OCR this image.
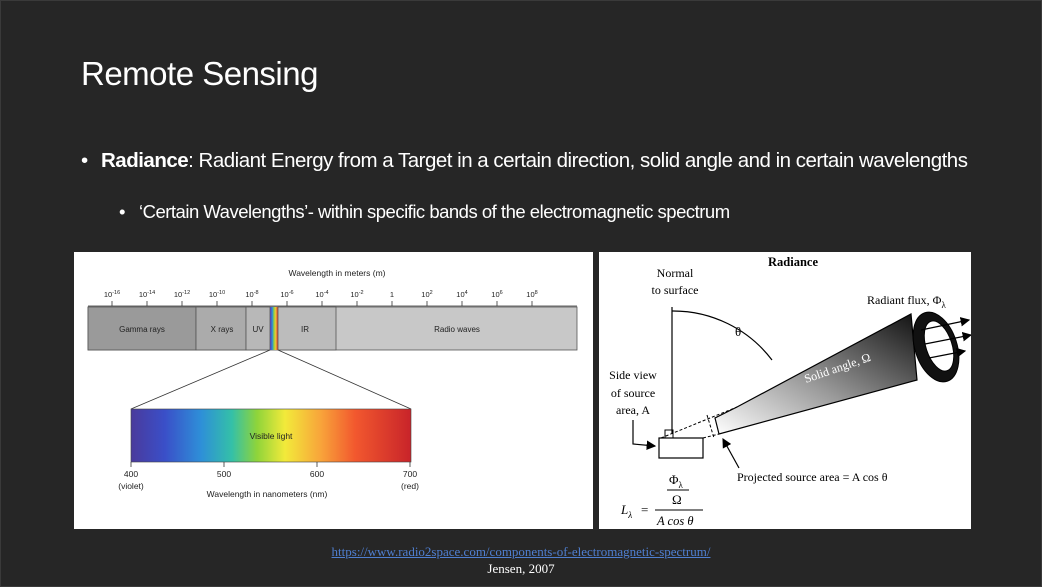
Remote Sensing
• Radiance: Radiant Energy from a Target in a certain direction, solid angle and in certain wavelengths
• ‘Certain Wavelengths’- within specific bands of the electromagnetic spectrum
Wavelength in meters (m)
$10^{-16}$ $10^{-14}$ $10^{-12}$ $10^{-10}$	$10^{-8}$	$10^{-6}$	$10^{-4}$	$10^{-2}$	1	$10^2$	$10^4$	$10^6$	$10^8$
Gamma rays	X rays UV	IR	Radio waves
Visible light
400
(violet)
500	600	700
(red)
Wavelength in nanometers (nm)
Radiance
Normal
to surface
θ
Solid angle, Ω
Radiant flux, $\Phi_\lambda$
Side view
of source
area, A
Projected source area = A cos θ
$L_\lambda$ =
$\Phi_\lambda$
Ω
A cos θ
https://www.radio2space.com/components-of-electromagnetic-spectrum/
Jensen, 2007
